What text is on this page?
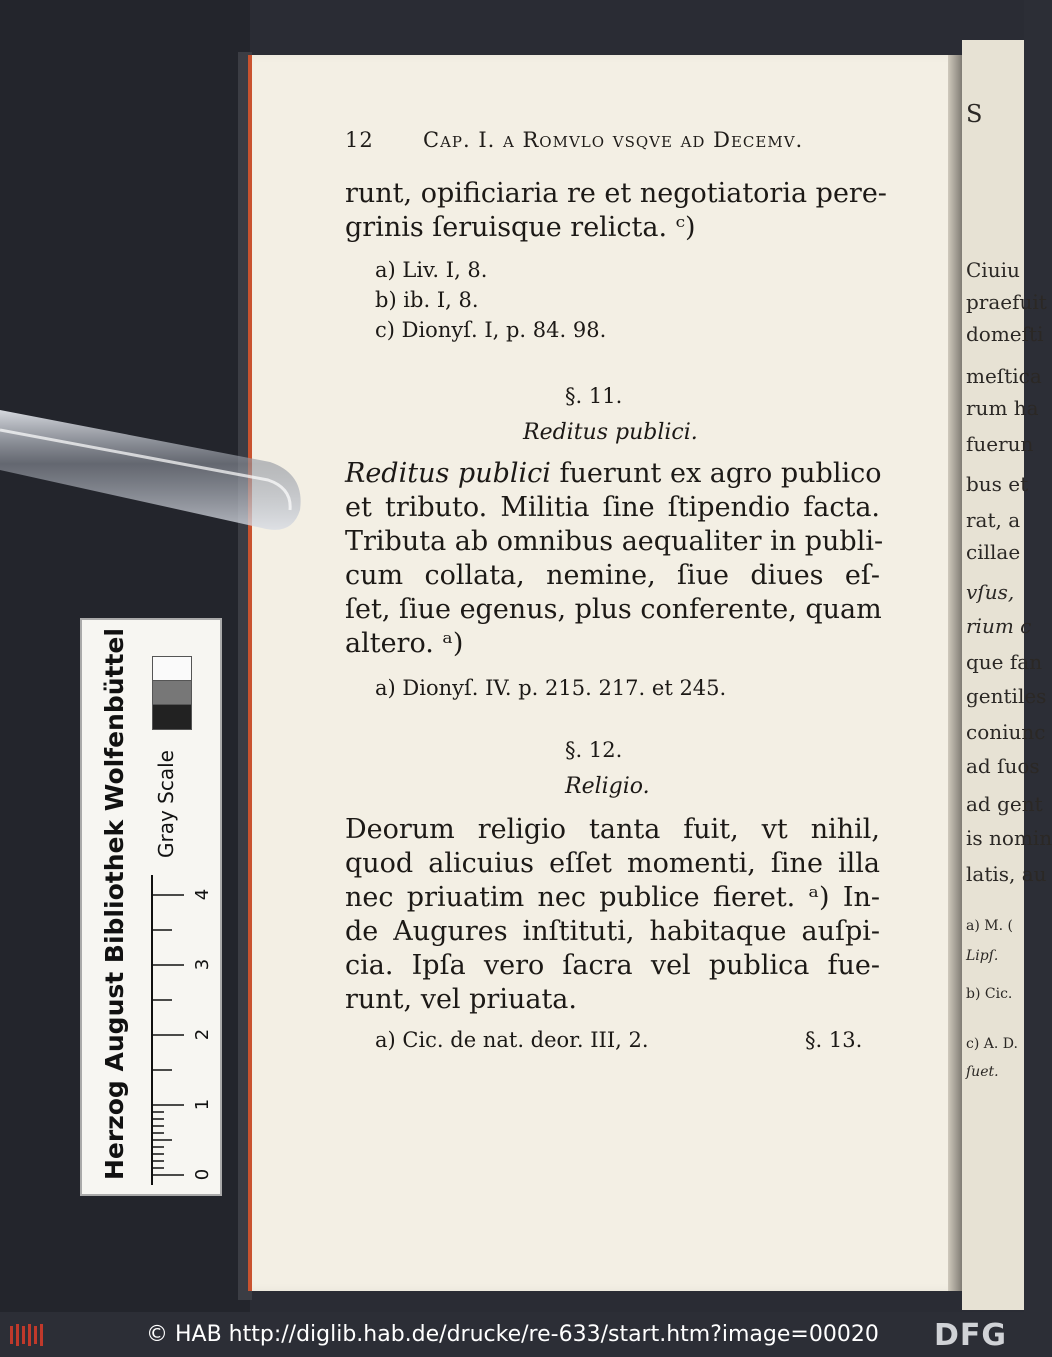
S
Ciuiu
praefuit
domeſti
meſtica
rum ha
fuerun
bus et
rat, a
cillae
vſus,
rium c
que fan
gentiles
coniunc
ad ſuos
ad gent
is nomin
latis, au
a) M. (
Lipſ.
b) Cic.
c) A. D.
ſuet.
12 Cap. I. a Romvlo vsqve ad Decemv.
runt, opificiaria re et negotiatoria pere-
grinis ſeruisque relicta. ᶜ)
a) Liv. I, 8.
b) ib. I, 8.
c) Dionyſ. I, p. 84. 98.
§. 11.
Reditus publici.
Reditus publici fuerunt ex agro publico
et tributo. Militia ſine ſtipendio facta.
Tributa ab omnibus aequaliter in publi-
cum collata, nemine, ſiue diues eſ-
ſet, ſiue egenus, plus conferente, quam
altero. ᵃ)
a) Dionyſ. IV. p. 215. 217. et 245.
§. 12.
Religio.
Deorum religio tanta fuit, vt nihil,
quod alicuius eſſet momenti, ſine illa
nec priuatim nec publice fieret. ᵃ) In-
de Augures inſtituti, habitaque auſpi-
cia. Ipſa vero ſacra vel publica fue-
runt, vel priuata.
a) Cic. de nat. deor. III, 2.	§. 13.
Herzog August Bibliothek Wolfenbüttel Gray Scale
0
1
2
3
4
© HAB http://diglib.hab.de/drucke/re-633/start.htm?image=00020 DFG
